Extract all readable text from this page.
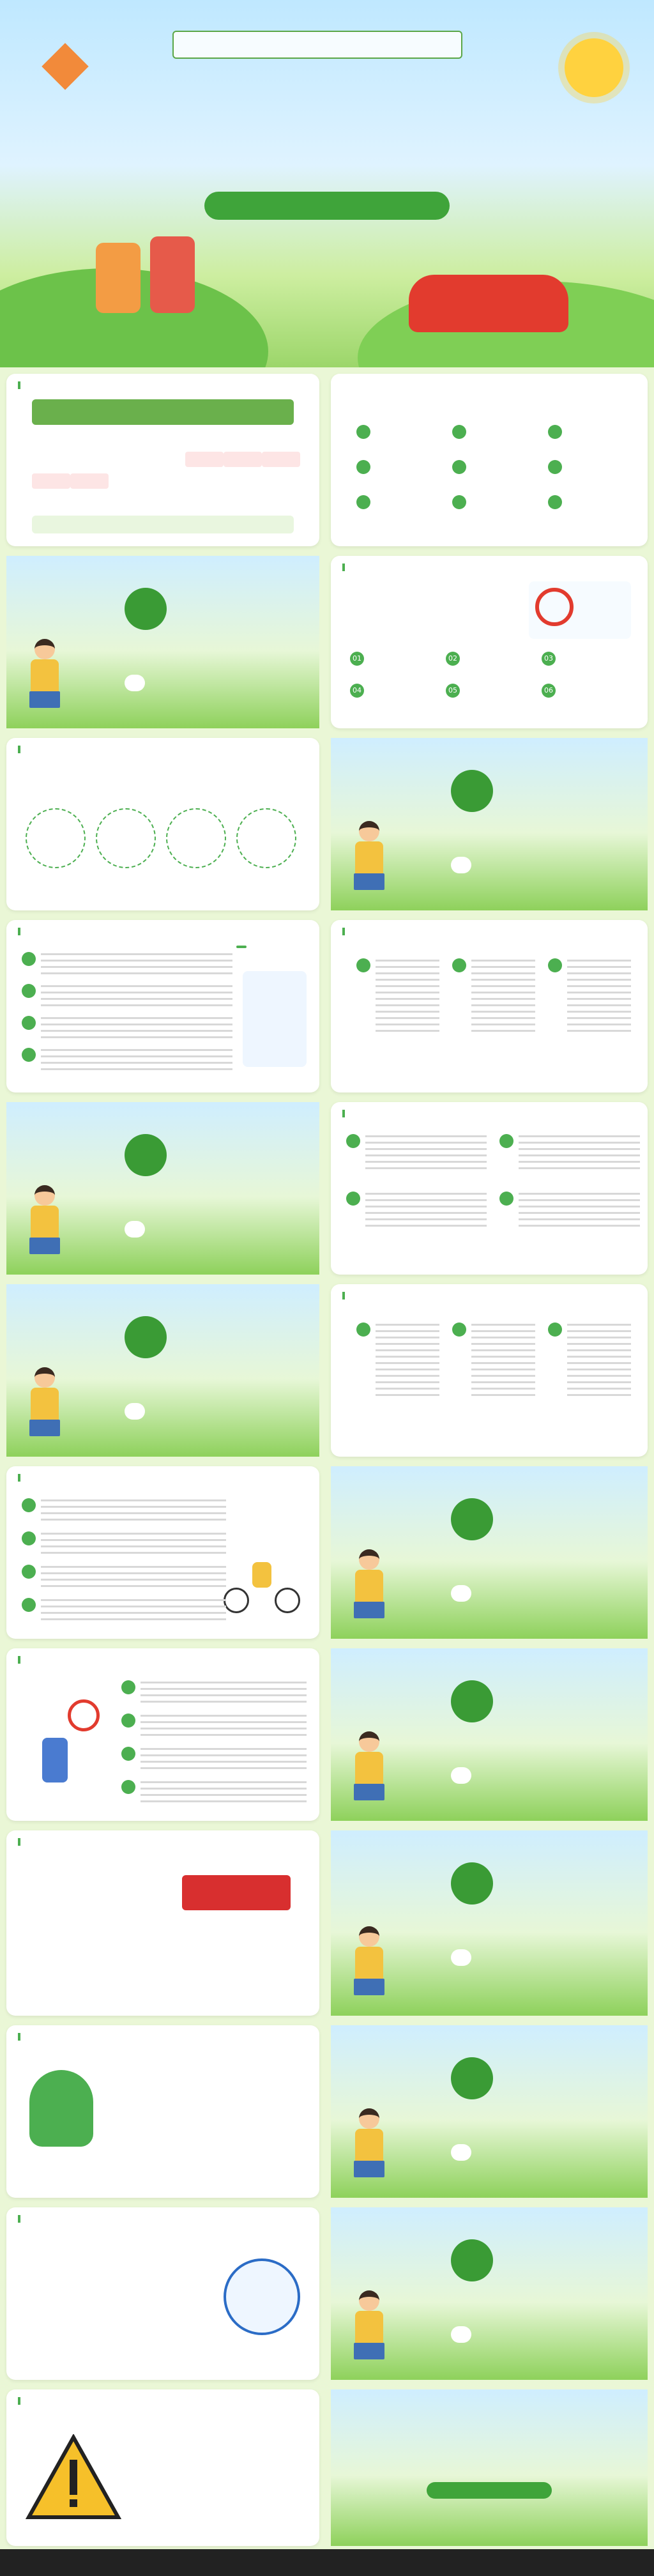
01	02	03
04	05	06
